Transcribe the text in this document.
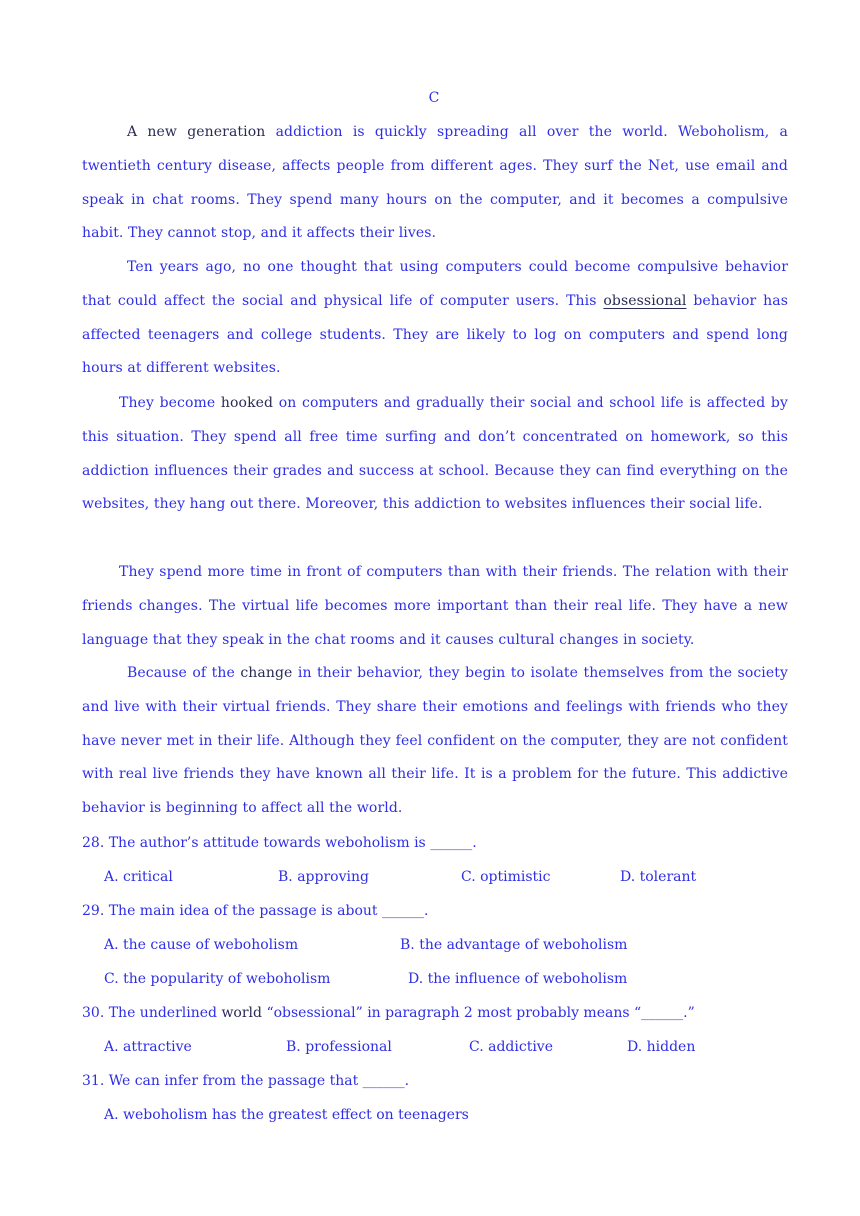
C

A new generation addiction is quickly spreading all over the world. Weboholism, a twentieth century disease, affects people from different ages. They surf the Net, use email and speak in chat rooms. They spend many hours on the computer, and it becomes a compulsive habit. They cannot stop, and it affects their lives.

Ten years ago, no one thought that using computers could become compulsive behavior that could affect the social and physical life of computer users. This obsessional behavior has affected teenagers and college students. They are likely to log on computers and spend long hours at different websites.

They become hooked on computers and gradually their social and school life is affected by this situation. They spend all free time surfing and don’t concentrated on homework, so this addiction influences their grades and success at school. Because they can find everything on the websites, they hang out there. Moreover, this addiction to websites influences their social life.

They spend more time in front of computers than with their friends. The relation with their friends changes. The virtual life becomes more important than their real life. They have a new language that they speak in the chat rooms and it causes cultural changes in society.

Because of the change in their behavior, they begin to isolate themselves from the society and live with their virtual friends. They share their emotions and feelings with friends who they have never met in their life. Although they feel confident on the computer, they are not confident with real live friends they have known all their life. It is a problem for the future. This addictive behavior is beginning to affect all the world.

28. The author’s attitude towards weboholism is ______.
A. critical	B. approving	C. optimistic	D. tolerant
29. The main idea of the passage is about ______.
A. the cause of weboholism	B. the advantage of weboholism
C. the popularity of weboholism	D. the influence of weboholism
30. The underlined world “obsessional” in paragraph 2 most probably means “______.”
A. attractive	B. professional	C. addictive	D. hidden
31. We can infer from the passage that ______.
A. weboholism has the greatest effect on teenagers
